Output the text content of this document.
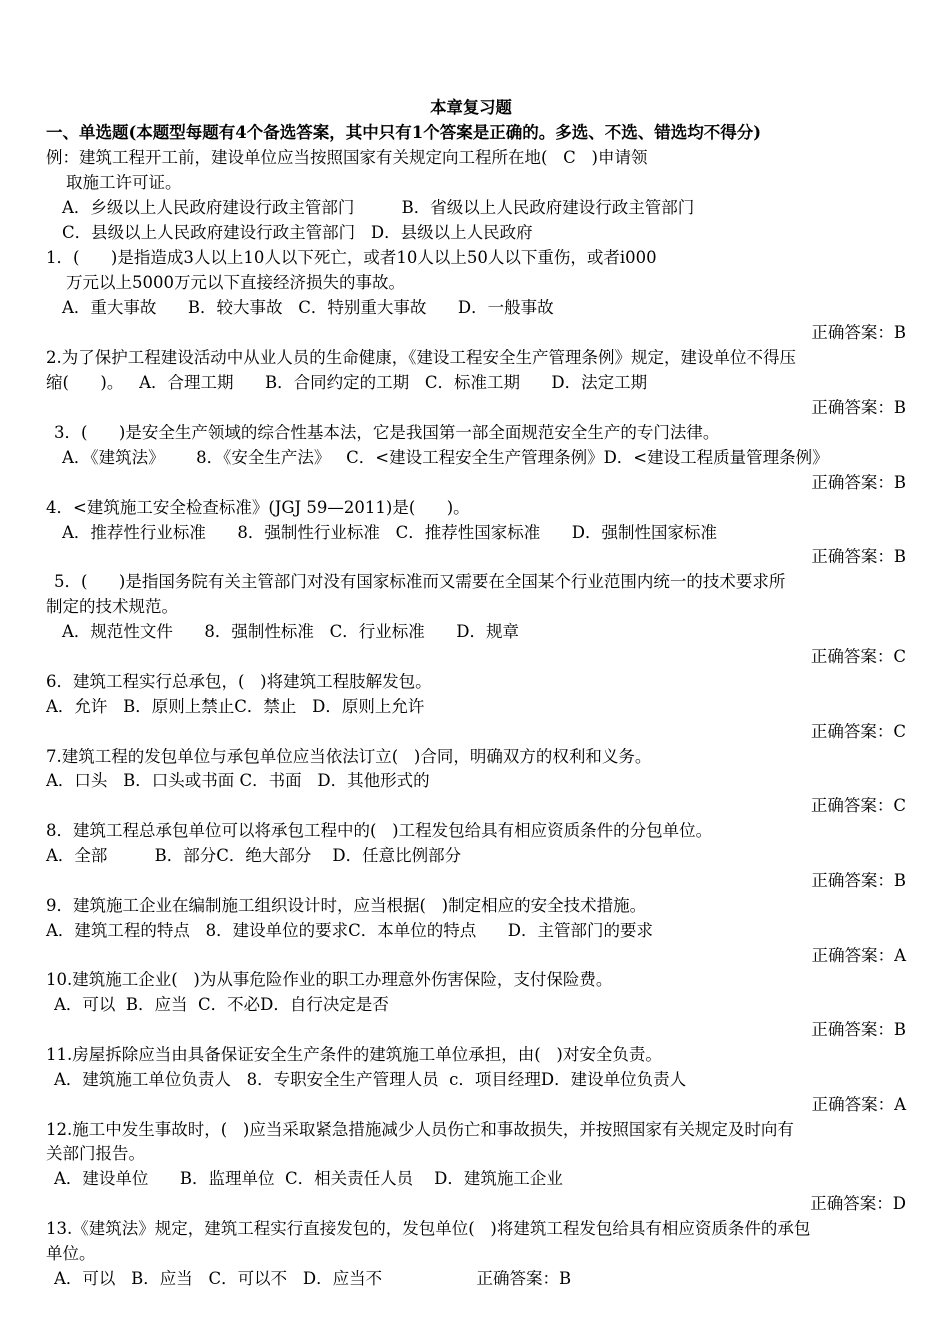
本章复习题
一、单选题(本题型每题有4个备选答案，其中只有1个答案是正确的。多选、不选、错选均不得分)
例：建筑工程开工前，建设单位应当按照国家有关规定向工程所在地(   C   )申请领
取施工许可证。
A．乡级以上人民政府建设行政主管部门         B．省级以上人民政府建设行政主管部门
C．县级以上人民政府建设行政主管部门   D．县级以上人民政府
1．(      )是指造成3人以上10人以下死亡，或者10人以上50人以下重伤，或者i000
万元以上5000万元以下直接经济损失的事故。
A．重大事故      B．较大事故   C．特别重大事故      D．一般事故
正确答案：B
2.为了保护工程建设活动中从业人员的生命健康，《建设工程安全生产管理条例》规定，建设单位不得压
缩(      )。   A．合理工期      B．合同约定的工期   C．标准工期      D．法定工期
正确答案：B
3．(      )是安全生产领域的综合性基本法，它是我国第一部全面规范安全生产的专门法律。
A．《建筑法》      8．《安全生产法》   C．<建设工程安全生产管理条例》D．<建设工程质量管理条例》
正确答案：B
4．<建筑施工安全检查标准》(JGJ 59—2011)是(      )。
A．推荐性行业标准      8．强制性行业标准   C．推荐性国家标准      D．强制性国家标准
正确答案：B
5．(      )是指国务院有关主管部门对没有国家标准而又需要在全国某个行业范围内统一的技术要求所
制定的技术规范。
A．规范性文件      8．强制性标准   C．行业标准      D．规章
正确答案：C
6．建筑工程实行总承包，(   )将建筑工程肢解发包。
A．允许   B．原则上禁止C．禁止   D．原则上允许
正确答案：C
7.建筑工程的发包单位与承包单位应当依法订立(   )合同，明确双方的权利和义务。
A．口头   B．口头或书面 C．书面   D．其他形式的
正确答案：C
8．建筑工程总承包单位可以将承包工程中的(   )工程发包给具有相应资质条件的分包单位。
A．全部         B．部分C．绝大部分    D．任意比例部分
正确答案：B
9．建筑施工企业在编制施工组织设计时，应当根据(   )制定相应的安全技术措施。
A．建筑工程的特点   8．建设单位的要求C．本单位的特点      D．主管部门的要求
正确答案：A
10.建筑施工企业(   )为从事危险作业的职工办理意外伤害保险，支付保险费。
A．可以  B．应当  C．不必D．自行决定是否
正确答案：B
11.房屋拆除应当由具备保证安全生产条件的建筑施工单位承担，由(   )对安全负责。
A．建筑施工单位负责人   8．专职安全生产管理人员  c．项目经理D．建设单位负责人
正确答案：A
12.施工中发生事故时，(   )应当采取紧急措施减少人员伤亡和事故损失，并按照国家有关规定及时向有
关部门报告。
A．建设单位      B．监理单位  C．相关责任人员    D．建筑施工企业
正确答案：D
13.《建筑法》规定，建筑工程实行直接发包的，发包单位(   )将建筑工程发包给具有相应资质条件的承包
单位。
A．可以   B．应当   C．可以不   D．应当不                  正确答案：B
